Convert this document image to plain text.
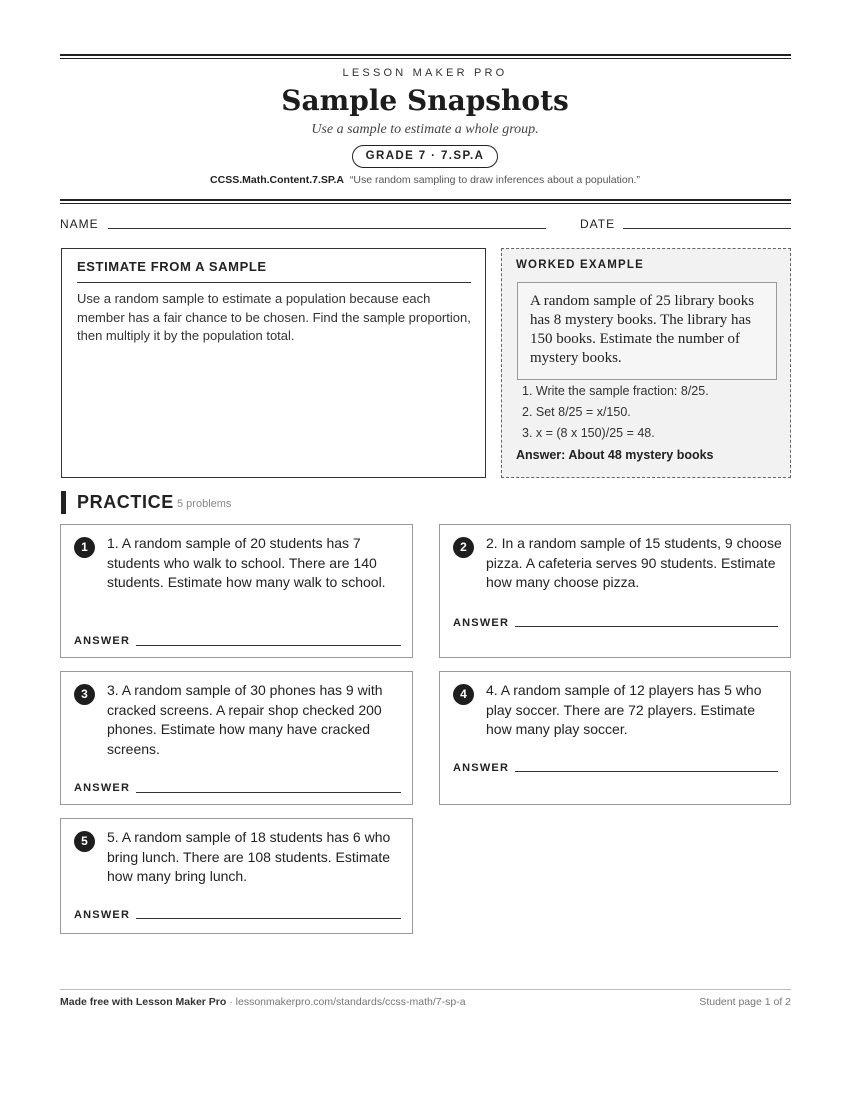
LESSON MAKER PRO
Sample Snapshots
Use a sample to estimate a whole group.
GRADE 7 · 7.SP.A
CCSS.Math.Content.7.SP.A “Use random sampling to draw inferences about a population.”
NAME	DATE
ESTIMATE FROM A SAMPLE
Use a random sample to estimate a population because each member has a fair chance to be chosen. Find the sample proportion, then multiply it by the population total.
WORKED EXAMPLE
A random sample of 25 library books has 8 mystery books. The library has 150 books. Estimate the number of mystery books.
1. Write the sample fraction: 8/25.
2. Set 8/25 = x/150.
3. x = (8 x 150)/25 = 48.
Answer: About 48 mystery books
PRACTICE 5 problems
1	1. A random sample of 20 students has 7 students who walk to school. There are 140 students. Estimate how many walk to school.
ANSWER
2	2. In a random sample of 15 students, 9 choose pizza. A cafeteria serves 90 students. Estimate how many choose pizza.
ANSWER
3	3. A random sample of 30 phones has 9 with cracked screens. A repair shop checked 200 phones. Estimate how many have cracked screens.
ANSWER
4	4. A random sample of 12 players has 5 who play soccer. There are 72 players. Estimate how many play soccer.
ANSWER
5	5. A random sample of 18 students has 6 who bring lunch. There are 108 students. Estimate how many bring lunch.
ANSWER
Made free with Lesson Maker Pro · lessonmakerpro.com/standards/ccss-math/7-sp-a	Student page 1 of 2
